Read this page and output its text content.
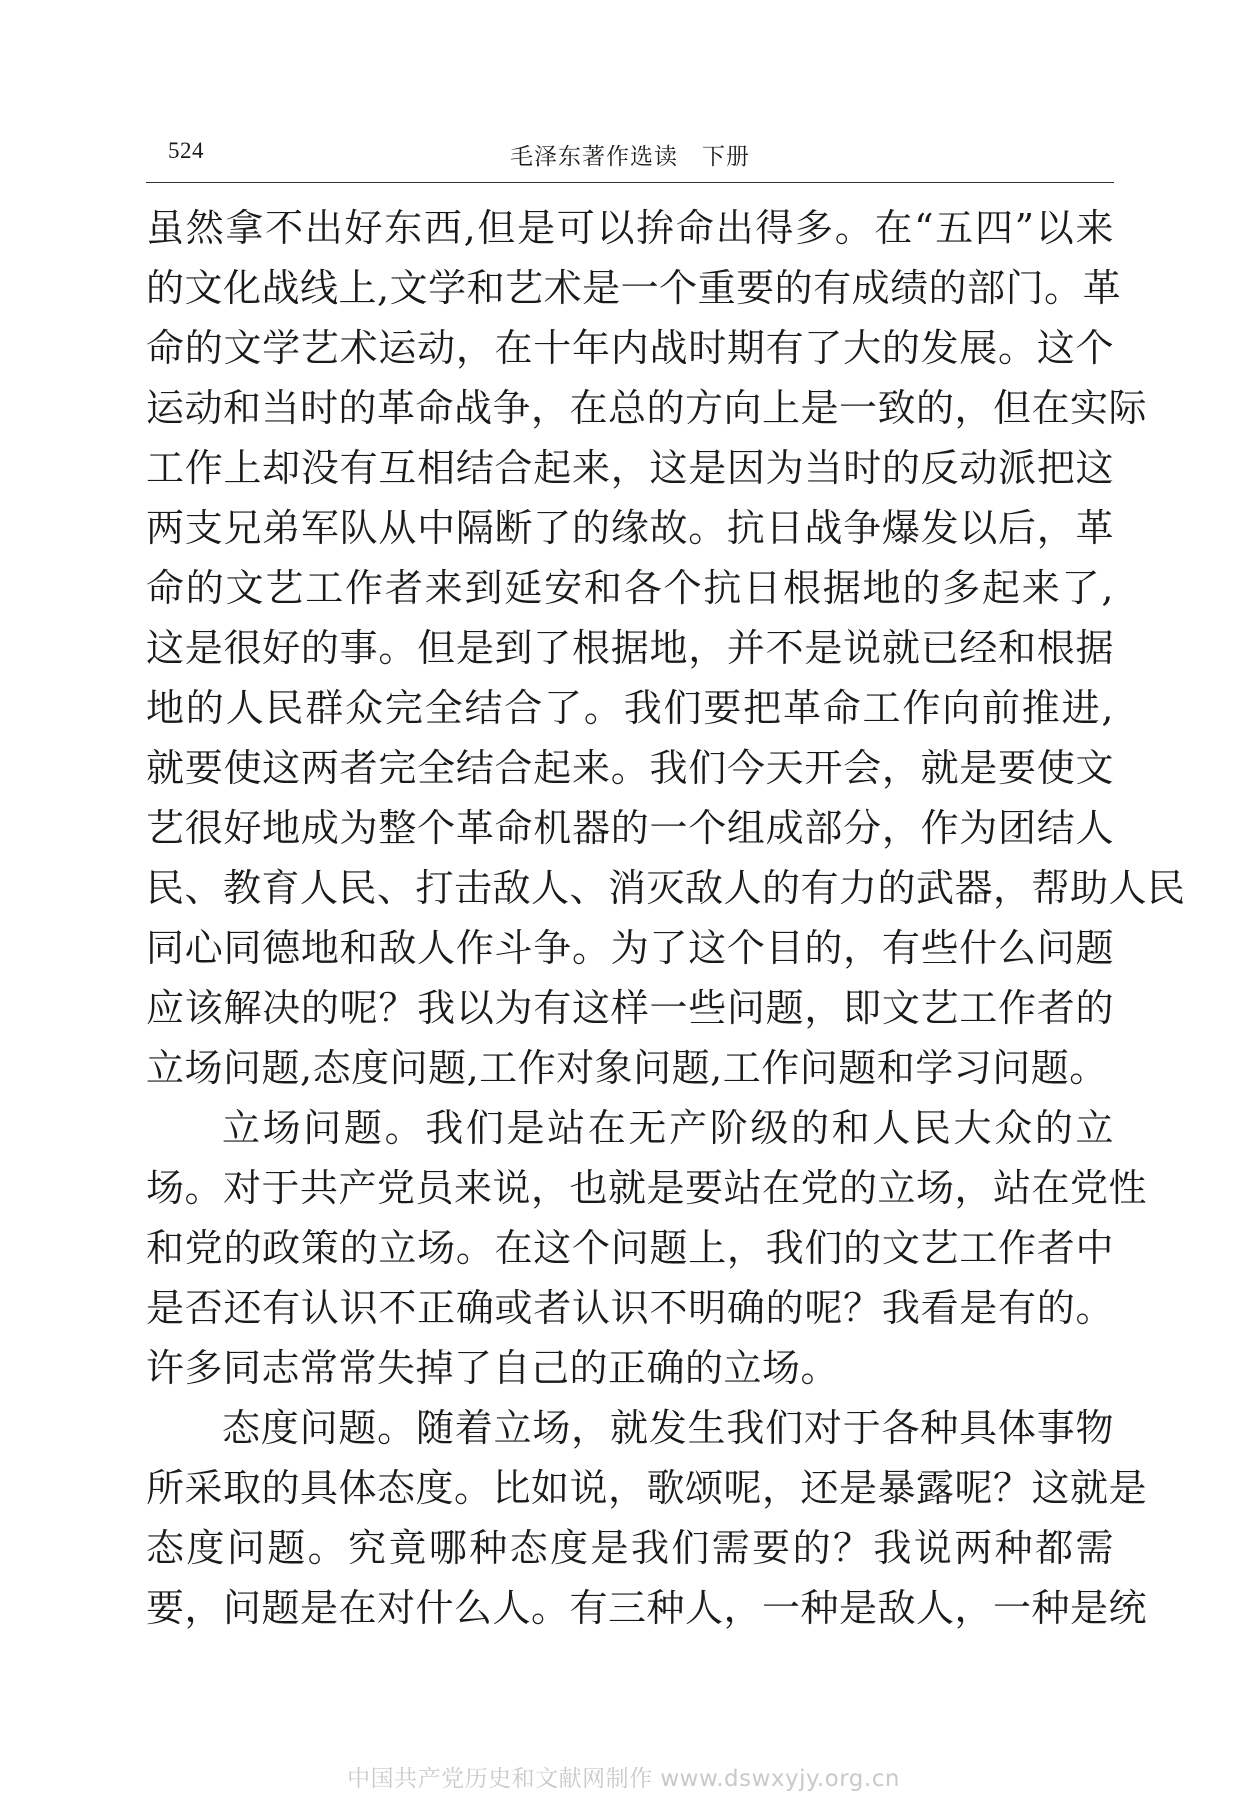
524	毛泽东著作选读　下册
虽然拿不出好东西,但是可以拚命出得多。在“五四”以来
的文化战线上,文学和艺术是一个重要的有成绩的部门。革
命的文学艺术运动，在十年内战时期有了大的发展。这个
运动和当时的革命战争，在总的方向上是一致的，但在实际
工作上却没有互相结合起来，这是因为当时的反动派把这
两支兄弟军队从中隔断了的缘故。抗日战争爆发以后，革
命的文艺工作者来到延安和各个抗日根据地的多起来了,
这是很好的事。但是到了根据地，并不是说就已经和根据
地的人民群众完全结合了。我们要把革命工作向前推进,
就要使这两者完全结合起来。我们今天开会，就是要使文
艺很好地成为整个革命机器的一个组成部分，作为团结人
民、教育人民、打击敌人、消灭敌人的有力的武器，帮助人民
同心同德地和敌人作斗争。为了这个目的，有些什么问题
应该解决的呢？我以为有这样一些问题，即文艺工作者的
立场问题,态度问题,工作对象问题,工作问题和学习问题。
立场问题。我们是站在无产阶级的和人民大众的立
场。对于共产党员来说，也就是要站在党的立场，站在党性
和党的政策的立场。在这个问题上，我们的文艺工作者中
是否还有认识不正确或者认识不明确的呢？我看是有的。
许多同志常常失掉了自己的正确的立场。
态度问题。随着立场，就发生我们对于各种具体事物
所采取的具体态度。比如说，歌颂呢，还是暴露呢？这就是
态度问题。究竟哪种态度是我们需要的？我说两种都需
要，问题是在对什么人。有三种人，一种是敌人，一种是统
中国共产党历史和文献网制作 www.dswxyjy.org.cn
